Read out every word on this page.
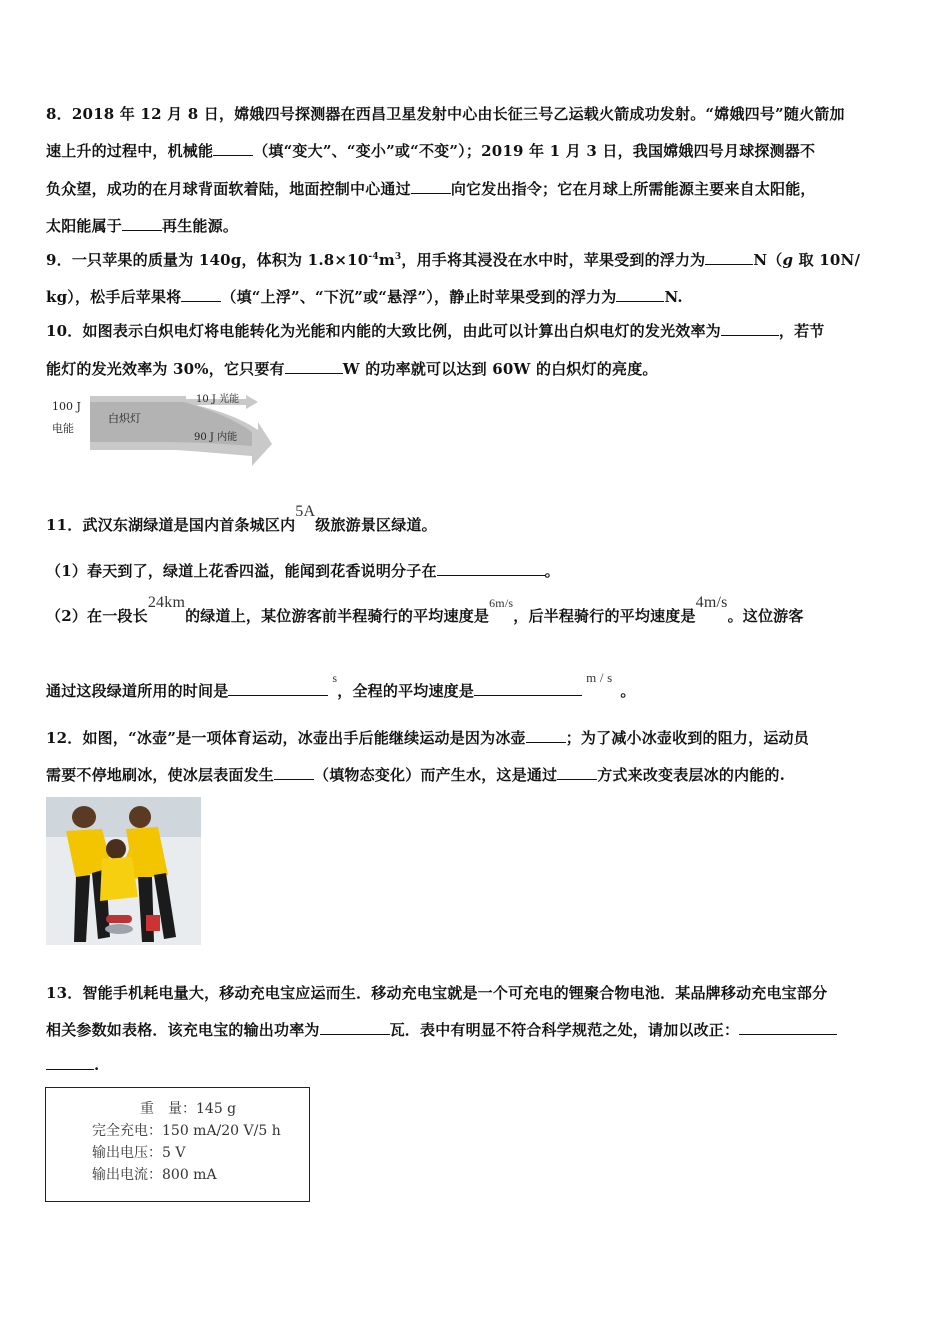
8．2018 年 12 月 8 日，嫦娥四号探测器在西昌卫星发射中心由长征三号乙运载火箭成功发射。“嫦娥四号”随火箭加
速上升的过程中，机械能	（填“变大”、“变小”或“不变”）；2019 年 1 月 3 日，我国嫦娥四号月球探测器不
负众望，成功的在月球背面软着陆，地面控制中心通过	向它发出指令；它在月球上所需能源主要来自太阳能，
太阳能属于	再生能源。
9．一只苹果的质量为 140g，体积为 $1.8\times 10^{-4}m^3$，用手将其浸没在水中时，苹果受到的浮力为	N（g 取 10N/
kg），松手后苹果将	（填“上浮”、“下沉”或“悬浮”），静止时苹果受到的浮力为	N.
10．如图表示白炽电灯将电能转化为光能和内能的大致比例，由此可以计算出白炽电灯的发光效率为	，若节
能灯的发光效率为 30%，它只要有	W 的功率就可以达到 60W 的白炽灯的亮度。
100 J
电能
白炽灯
10 J 光能
90 J 内能
11．武汉东湖绿道是国内首条城区内5A级旅游景区绿道。
（1）春天到了，绿道上花香四溢，能闻到花香说明分子在	。
（2）在一段长24km的绿道上，某位游客前半程骑行的平均速度是$^{6m/s}$，后半程骑行的平均速度是4m/s。这位游客
通过这段绿道所用的时间是$^s$，全程的平均速度是m / s。
12．如图，“冰壶”是一项体育运动，冰壶出手后能继续运动是因为冰壶	；为了减小冰壶收到的阻力，运动员
需要不停地刷冰，使冰层表面发生	（填物态变化）而产生水，这是通过	方式来改变表层冰的内能的.
13．智能手机耗电量大，移动充电宝应运而生．移动充电宝就是一个可充电的锂聚合物电池．某品牌移动充电宝部分
相关参数如表格．该充电宝的输出功率为	瓦．表中有明显不符合科学规范之处，请加以改正：
.
重　量：145 g
完全充电：150 mA/20 V/5 h
输出电压：5 V
输出电流：800 mA
